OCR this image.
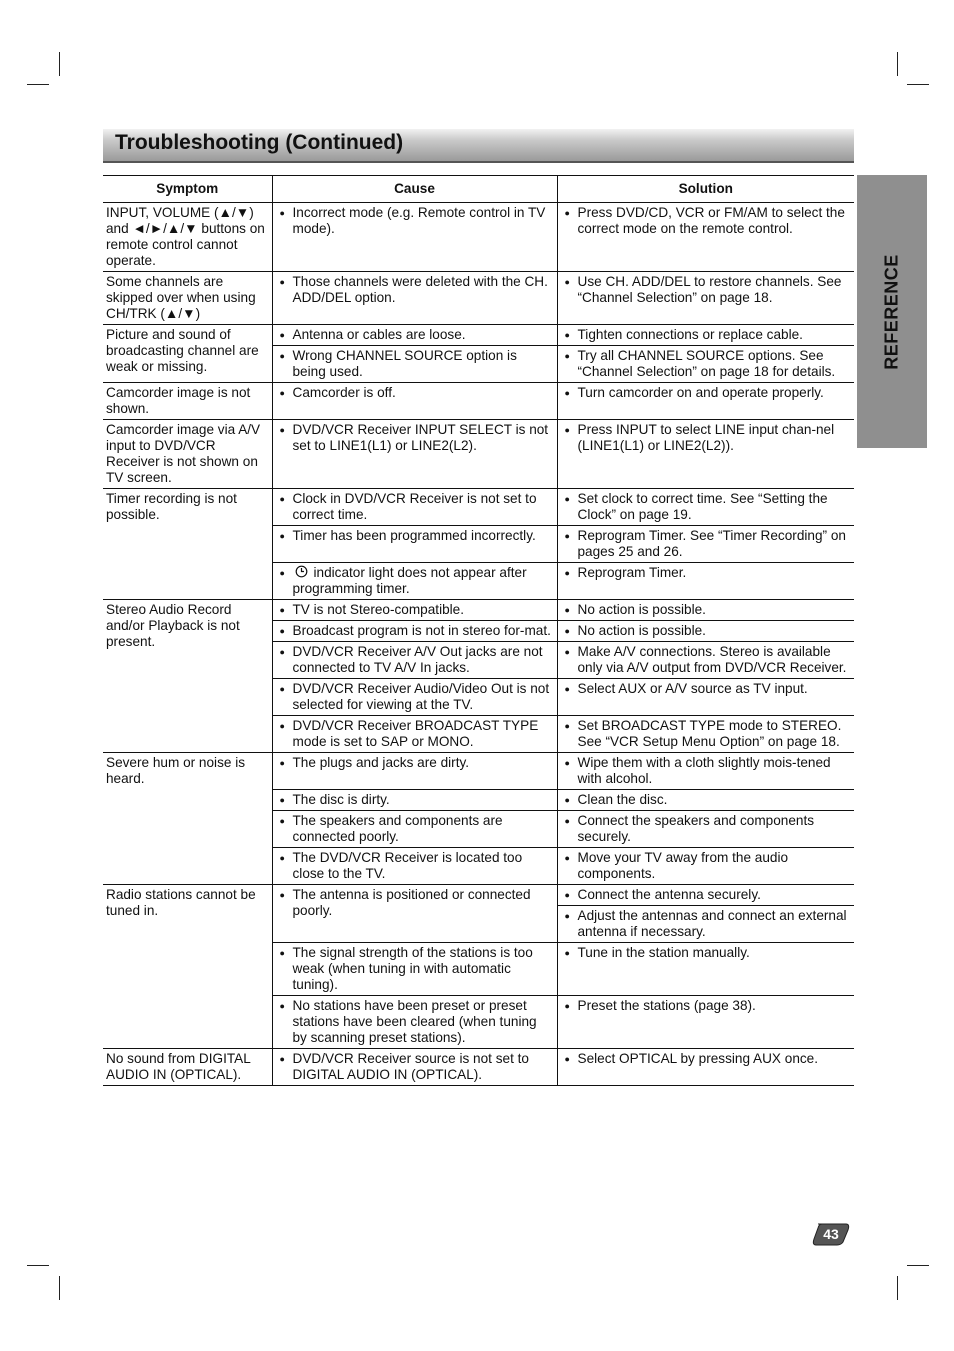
Troubleshooting (Continued)
REFERENCE
Symptom	Cause	Solution
INPUT, VOLUME (▲/▼) and ◄/►/▲/▼ buttons on remote control cannot operate.	● Incorrect mode (e.g. Remote control in TV mode).	● Press DVD/CD, VCR or FM/AM to select the correct mode on the remote control.

Some channels are skipped over when using CH/TRK (▲/▼)	● Those channels were deleted with the CH. ADD/DEL option.	● Use CH. ADD/DEL to restore channels. See “Channel Selection” on page 18.

Picture and sound of broadcasting channel are weak or missing.	● Antenna or cables are loose.	● Tighten connections or replace cable.

	● Wrong CHANNEL SOURCE option is being used.	● Try all CHANNEL SOURCE options. See “Channel Selection” on page 18 for details.

Camcorder image is not shown.	● Camcorder is off.	● Turn camcorder on and operate properly.

Camcorder image via A/V input to DVD/VCR Receiver is not shown on TV screen.	● DVD/VCR Receiver INPUT SELECT is not set to LINE1(L1) or LINE2(L2).	● Press INPUT to select LINE input chan-nel (LINE1(L1) or LINE2(L2)).

Timer recording is not possible.	● Clock in DVD/VCR Receiver is not set to correct time.	● Set clock to correct time. See “Setting the Clock” on page 19.

	● Timer has been programmed incorrectly.	● Reprogram Timer. See “Timer Recording” on pages 25 and 26.

	● indicator light does not appear after programming timer.	● Reprogram Timer.

Stereo Audio Record and/or Playback is not present.	● TV is not Stereo-compatible.	● No action is possible.

	● Broadcast program is not in stereo for-mat.	● No action is possible.

	● DVD/VCR Receiver A/V Out jacks are not connected to TV A/V In jacks.	● Make A/V connections. Stereo is available only via A/V output from DVD/VCR Receiver.

	● DVD/VCR Receiver Audio/Video Out is not selected for viewing at the TV.	● Select AUX or A/V source as TV input.

	● DVD/VCR Receiver BROADCAST TYPE mode is set to SAP or MONO.	● Set BROADCAST TYPE mode to STEREO. See “VCR Setup Menu Option” on page 18.

Severe hum or noise is heard.	● The plugs and jacks are dirty.	● Wipe them with a cloth slightly mois-tened with alcohol.

	● The disc is dirty.	● Clean the disc.

	● The speakers and components are connected poorly.	● Connect the speakers and components securely.

	● The DVD/VCR Receiver is located too close to the TV.	● Move your TV away from the audio components.

Radio stations cannot be tuned in.	● The antenna is positioned or connected poorly.	● Connect the antenna securely.

		● Adjust the antennas and connect an external antenna if necessary.

	● The signal strength of the stations is too weak (when tuning in with automatic tuning).	● Tune in the station manually.

	● No stations have been preset or preset stations have been cleared (when tuning by scanning preset stations).	● Preset the stations (page 38).

No sound from DIGITAL AUDIO IN (OPTICAL).	● DVD/VCR Receiver source is not set to DIGITAL AUDIO IN (OPTICAL).	● Select OPTICAL by pressing AUX once.
43
